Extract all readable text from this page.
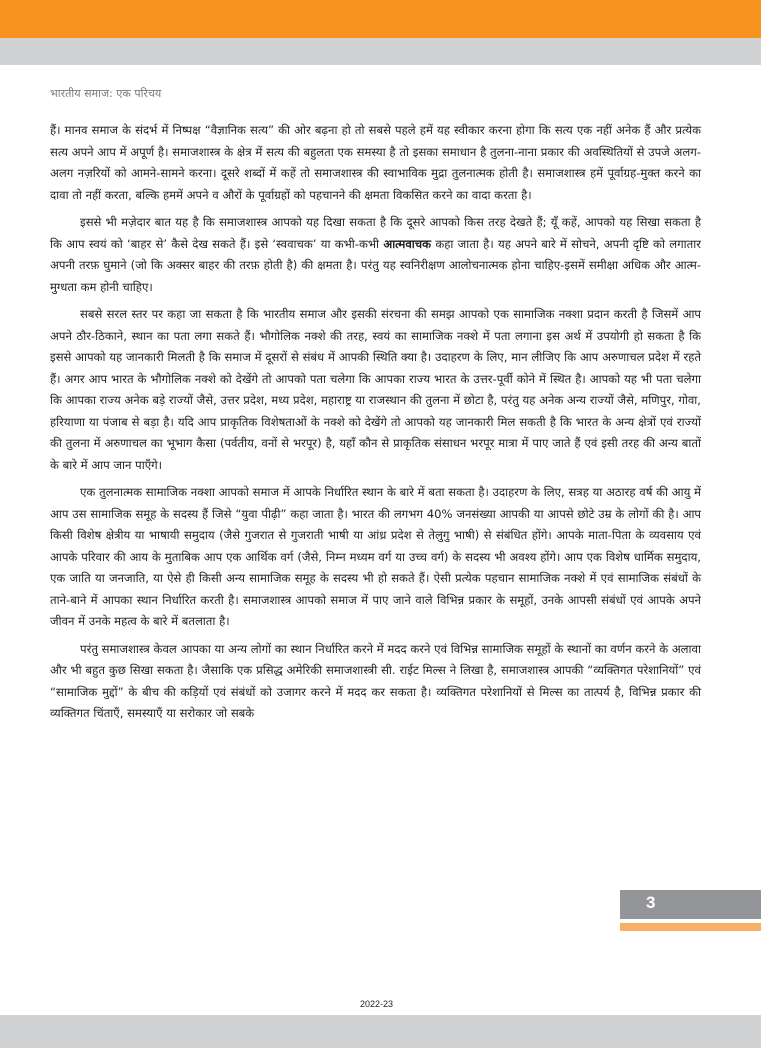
भारतीय समाज: एक परिचय

हैं। मानव समाज के संदर्भ में निष्पक्ष “वैज्ञानिक सत्य” की ओर बढ़ना हो तो सबसे पहले हमें यह स्वीकार करना होगा कि सत्य एक नहीं अनेक हैं और प्रत्येक सत्य अपने आप में अपूर्ण है। समाजशास्त्र के क्षेत्र में सत्य की बहुलता एक समस्या है तो इसका समाधान है तुलना-नाना प्रकार की अवस्थितियों से उपजे अलग-अलग नज़रियों को आमने-सामने करना। दूसरे शब्दों में कहें तो समाजशास्त्र की स्वाभाविक मुद्रा तुलनात्मक होती है। समाजशास्त्र हमें पूर्वाग्रह-मुक्त करने का दावा तो नहीं करता, बल्कि हममें अपने व औरों के पूर्वाग्रहों को पहचानने की क्षमता विकसित करने का वादा करता है।

इससे भी मज़ेदार बात यह है कि समाजशास्त्र आपको यह दिखा सकता है कि दूसरे आपको किस तरह देखते हैं; यूँ कहें, आपको यह सिखा सकता है कि आप स्वयं को ‘बाहर से’ कैसे देख सकते हैं। इसे ‘स्ववाचक’ या कभी-कभी आत्मवाचक कहा जाता है। यह अपने बारे में सोचने, अपनी दृष्टि को लगातार अपनी तरफ़ घुमाने (जो कि अक्सर बाहर की तरफ़ होती है) की क्षमता है। परंतु यह स्वनिरीक्षण आलोचनात्मक होना चाहिए-इसमें समीक्षा अधिक और आत्म-मुग्धता कम होनी चाहिए।

सबसे सरल स्तर पर कहा जा सकता है कि भारतीय समाज और इसकी संरचना की समझ आपको एक सामाजिक नक्शा प्रदान करती है जिसमें आप अपने ठौर-ठिकाने, स्थान का पता लगा सकते हैं। भौगोलिक नक्शे की तरह, स्वयं का सामाजिक नक्शे में पता लगाना इस अर्थ में उपयोगी हो सकता है कि इससे आपको यह जानकारी मिलती है कि समाज में दूसरों से संबंध में आपकी स्थिति क्या है। उदाहरण के लिए, मान लीजिए कि आप अरुणाचल प्रदेश में रहते हैं। अगर आप भारत के भौगोलिक नक्शे को देखेंगे तो आपको पता चलेगा कि आपका राज्य भारत के उत्तर-पूर्वी कोने में स्थित है। आपको यह भी पता चलेगा कि आपका राज्य अनेक बड़े राज्यों जैसे, उत्तर प्रदेश, मध्य प्रदेश, महाराष्ट्र या राजस्थान की तुलना में छोटा है, परंतु यह अनेक अन्य राज्यों जैसे, मणिपुर, गोवा, हरियाणा या पंजाब से बड़ा है। यदि आप प्राकृतिक विशेषताओं के नक्शे को देखेंगे तो आपको यह जानकारी मिल सकती है कि भारत के अन्य क्षेत्रों एवं राज्यों की तुलना में अरुणाचल का भूभाग कैसा (पर्वतीय, वनों से भरपूर) है, यहाँ कौन से प्राकृतिक संसाधन भरपूर मात्रा में पाए जाते हैं एवं इसी तरह की अन्य बातों के बारे में आप जान पाएँगे।

एक तुलनात्मक सामाजिक नक्शा आपको समाज में आपके निर्धारित स्थान के बारे में बता सकता है। उदाहरण के लिए, सत्रह या अठारह वर्ष की आयु में आप उस सामाजिक समूह के सदस्य हैं जिसे “युवा पीढ़ी” कहा जाता है। भारत की लगभग 40% जनसंख्या आपकी या आपसे छोटे उम्र के लोगों की है। आप किसी विशेष क्षेत्रीय या भाषायी समुदाय (जैसे गुजरात से गुजराती भाषी या आंध्र प्रदेश से तेलुगु भाषी) से संबंधित होंगे। आपके माता-पिता के व्यवसाय एवं आपके परिवार की आय के मुताबिक आप एक आर्थिक वर्ग (जैसे, निम्न मध्यम वर्ग या उच्च वर्ग) के सदस्य भी अवश्य होंगे। आप एक विशेष धार्मिक समुदाय, एक जाति या जनजाति, या ऐसे ही किसी अन्य सामाजिक समूह के सदस्य भी हो सकते हैं। ऐसी प्रत्येक पहचान सामाजिक नक्शे में एवं सामाजिक संबंधों के ताने-बाने में आपका स्थान निर्धारित करती है। समाजशास्त्र आपको समाज में पाए जाने वाले विभिन्न प्रकार के समूहों, उनके आपसी संबंधों एवं आपके अपने जीवन में उनके महत्व के बारे में बतलाता है।

परंतु समाजशास्त्र केवल आपका या अन्य लोगों का स्थान निर्धारित करने में मदद करने एवं विभिन्न सामाजिक समूहों के स्थानों का वर्णन करने के अलावा और भी बहुत कुछ सिखा सकता है। जैसाकि एक प्रसिद्ध अमेरिकी समाजशास्त्री सी. राईट मिल्स ने लिखा है, समाजशास्त्र आपकी “व्यक्तिगत परेशानियों” एवं “सामाजिक मुद्दों” के बीच की कड़ियों एवं संबंधों को उजागर करने में मदद कर सकता है। व्यक्तिगत परेशानियों से मिल्स का तात्पर्य है, विभिन्न प्रकार की व्यक्तिगत चिंताएँ, समस्याएँ या सरोकार जो सबके

3
2022-23
